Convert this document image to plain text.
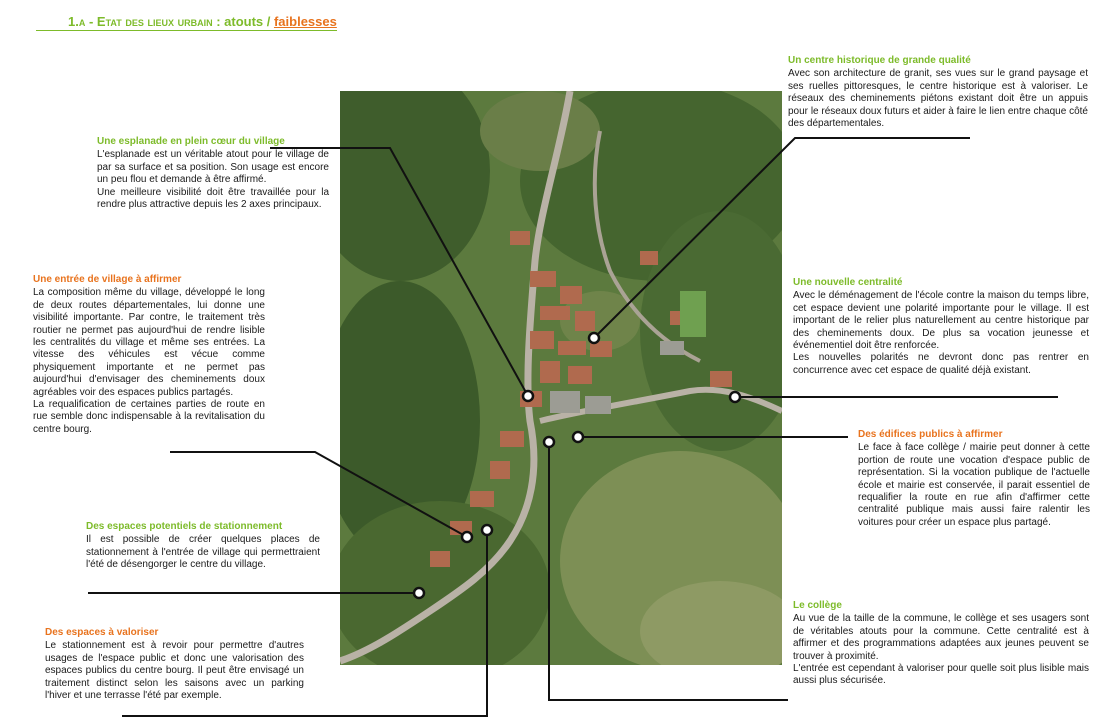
1.a - Etat des lieux urbain : atouts / faiblesses
Un centre historique de grande qualité

Avec son architecture de granit, ses vues sur le grand paysage et ses ruelles pittoresques, le centre historique est à valoriser. Le réseaux des cheminements piétons existant doit être un appuis pour le réseaux doux futurs et aider à faire le lien entre chaque côté des départementales.

Une esplanade en plein cœur du village

L'esplanade est un véritable atout pour le village de par sa surface et sa position. Son usage est encore un peu flou et demande à être affirmé.

Une meilleure visibilité doit être travaillée pour la rendre plus attractive depuis les 2 axes principaux.

Une entrée de village à affirmer

La composition même du village, développé le long de deux routes départementales, lui donne une visibilité importante. Par contre, le traitement très routier ne permet pas aujourd'hui de rendre lisible les centralités du village et même ses entrées. La vitesse des véhicules est vécue comme physiquement importante et ne permet pas aujourd'hui d'envisager des cheminements doux agréables voir des espaces publics partagés.

La requalification de certaines parties de route en rue semble donc indispensable à la revitalisation du centre bourg.

Une nouvelle centralité

Avec le déménagement de l'école contre la maison du temps libre, cet espace devient une polarité importante pour le village. Il est important de le relier plus naturellement au centre historique par des cheminements doux. De plus sa vocation jeunesse et événementiel doit être renforcée.

Les nouvelles polarités ne devront donc pas rentrer en concurrence avec cet espace de qualité déjà existant.

Des édifices publics à affirmer

Le face à face collège / mairie peut donner à cette portion de route une vocation d'espace public de représentation. Si la vocation publique de l'actuelle école et mairie est conservée, il parait essentiel de requalifier la route en rue afin d'affirmer cette centralité publique mais aussi faire ralentir les voitures pour créer un espace plus partagé.

Des espaces potentiels de stationnement

Il est possible de créer quelques places de stationnement à l'entrée de village qui permettraient l'été de désengorger le centre du village.

Le collège

Au vue de la taille de la commune, le collège et ses usagers sont de véritables atouts pour la commune. Cette centralité est à affirmer et des programmations adaptées aux jeunes peuvent se trouver à proximité.

L'entrée est cependant à valoriser pour quelle soit plus lisible mais aussi plus sécurisée.

Des espaces à valoriser

Le stationnement est à revoir pour permettre d'autres usages de l'espace public et donc une valorisation des espaces publics du centre bourg. Il peut être envisagé un traitement distinct selon les saisons avec un parking l'hiver et une terrasse l'été par exemple.
